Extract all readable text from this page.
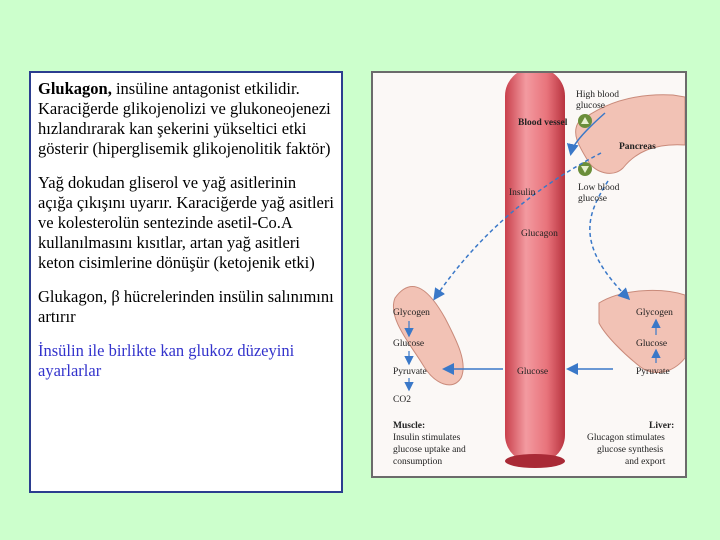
Glukagon, insüline antagonist etkilidir. Karaciğerde glikojenolizi ve glukoneojenezi hızlandırarak kan şekerini yükseltici etki gösterir (hiperglisemik glikojenolitik faktör)

Yağ dokudan gliserol ve yağ asitlerinin açığa çıkışını uyarır. Karaciğerde yağ asitleri ve kolesterolün sentezinde asetil-Co.A kullanılmasını kısıtlar, artan yağ asitleri keton cisimlerine dönüşür (ketojenik etki)

Glukagon, β hücrelerinden insülin salınımını artırır

İnsülin ile birlikte kan glukoz düzeyini ayarlarlar

Blood vessel
High blood
glucose
Pancreas
Low blood
glucose
Insulin
Glucagon
Glycogen
Glucose
Pyruvate
CO2
Glucose
Glycogen
Glucose
Pyruvate
Muscle:
Insulin stimulates
glucose uptake and
consumption
Liver:
Glucagon stimulates
glucose synthesis
and export
